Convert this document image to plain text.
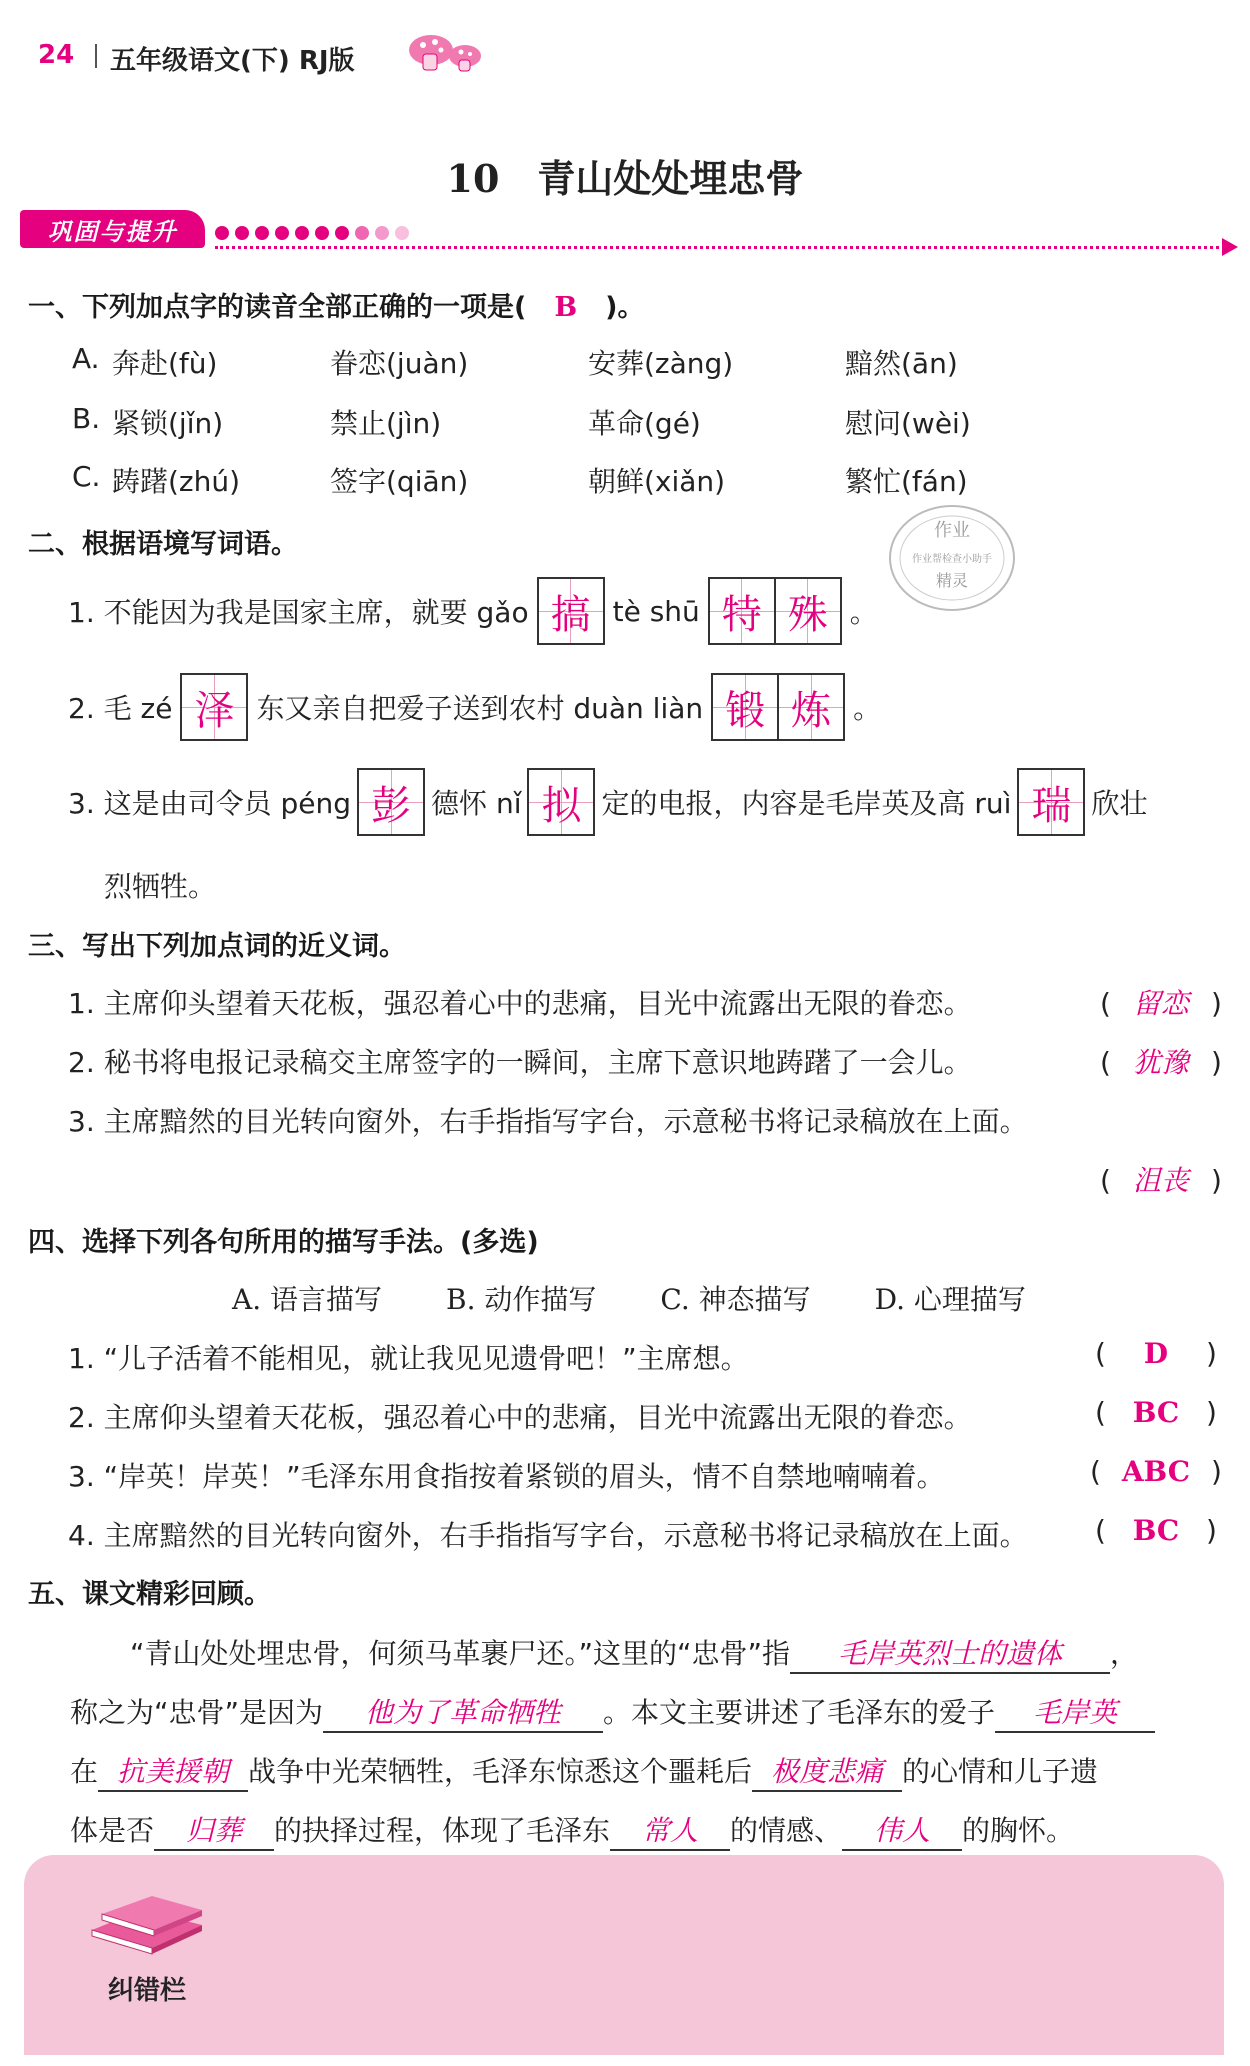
24 五年级语文(下) RJ版
10　青山处处埋忠骨
巩固与提升
一、下列加点字的读音全部正确的一项是( B )。
A. 奔赴(fù)	眷恋(juàn)	安葬(zàng)	黯然(ān)
B. 紧锁(jǐn)	禁止(jìn)	革命(gé)	慰问(wèi)
C. 踌躇(zhú)	签字(qiān)	朝鲜(xiǎn)	繁忙(fán)
作业
作业帮检查小助手
精灵
二、根据语境写词语。
1. 不能因为我是国家主席，就要 gǎo 搞 tè shū 特 殊 。
2. 毛 zé 泽 东又亲自把爱子送到农村 duàn liàn 锻 炼 。
3. 这是由司令员 péng 彭 德怀 nǐ 拟 定的电报，内容是毛岸英及高 ruì 瑞 欣壮
烈牺牲。
三、写出下列加点词的近义词。
1. 主席仰头望着天花板，强忍着心中的悲痛，目光中流露出无限的眷恋。	( 留恋 )
2. 秘书将电报记录稿交主席签字的一瞬间，主席下意识地踌躇了一会儿。	( 犹豫 )
3. 主席黯然的目光转向窗外，右手指指写字台，示意秘书将记录稿放在上面。
( 沮丧 )
四、选择下列各句所用的描写手法。(多选)
A. 语言描写 B. 动作描写 C. 神态描写 D. 心理描写
1. “儿子活着不能相见，就让我见见遗骨吧！”主席想。	( D )
2. 主席仰头望着天花板，强忍着心中的悲痛，目光中流露出无限的眷恋。	( BC )
3. “岸英！岸英！”毛泽东用食指按着紧锁的眉头，情不自禁地喃喃着。	( ABC )
4. 主席黯然的目光转向窗外，右手指指写字台，示意秘书将记录稿放在上面。 ( BC )
五、课文精彩回顾。
“青山处处埋忠骨，何须马革裹尸还。”这里的“忠骨”指 毛岸英烈士的遗体 ，
称之为“忠骨”是因为 他为了革命牺牲 。本文主要讲述了毛泽东的爱子 毛岸英
在 抗美援朝 战争中光荣牺牲，毛泽东惊悉这个噩耗后 极度悲痛 的心情和儿子遗
体是否 归葬 的抉择过程，体现了毛泽东 常人 的情感、 伟人 的胸怀。
纠错栏
